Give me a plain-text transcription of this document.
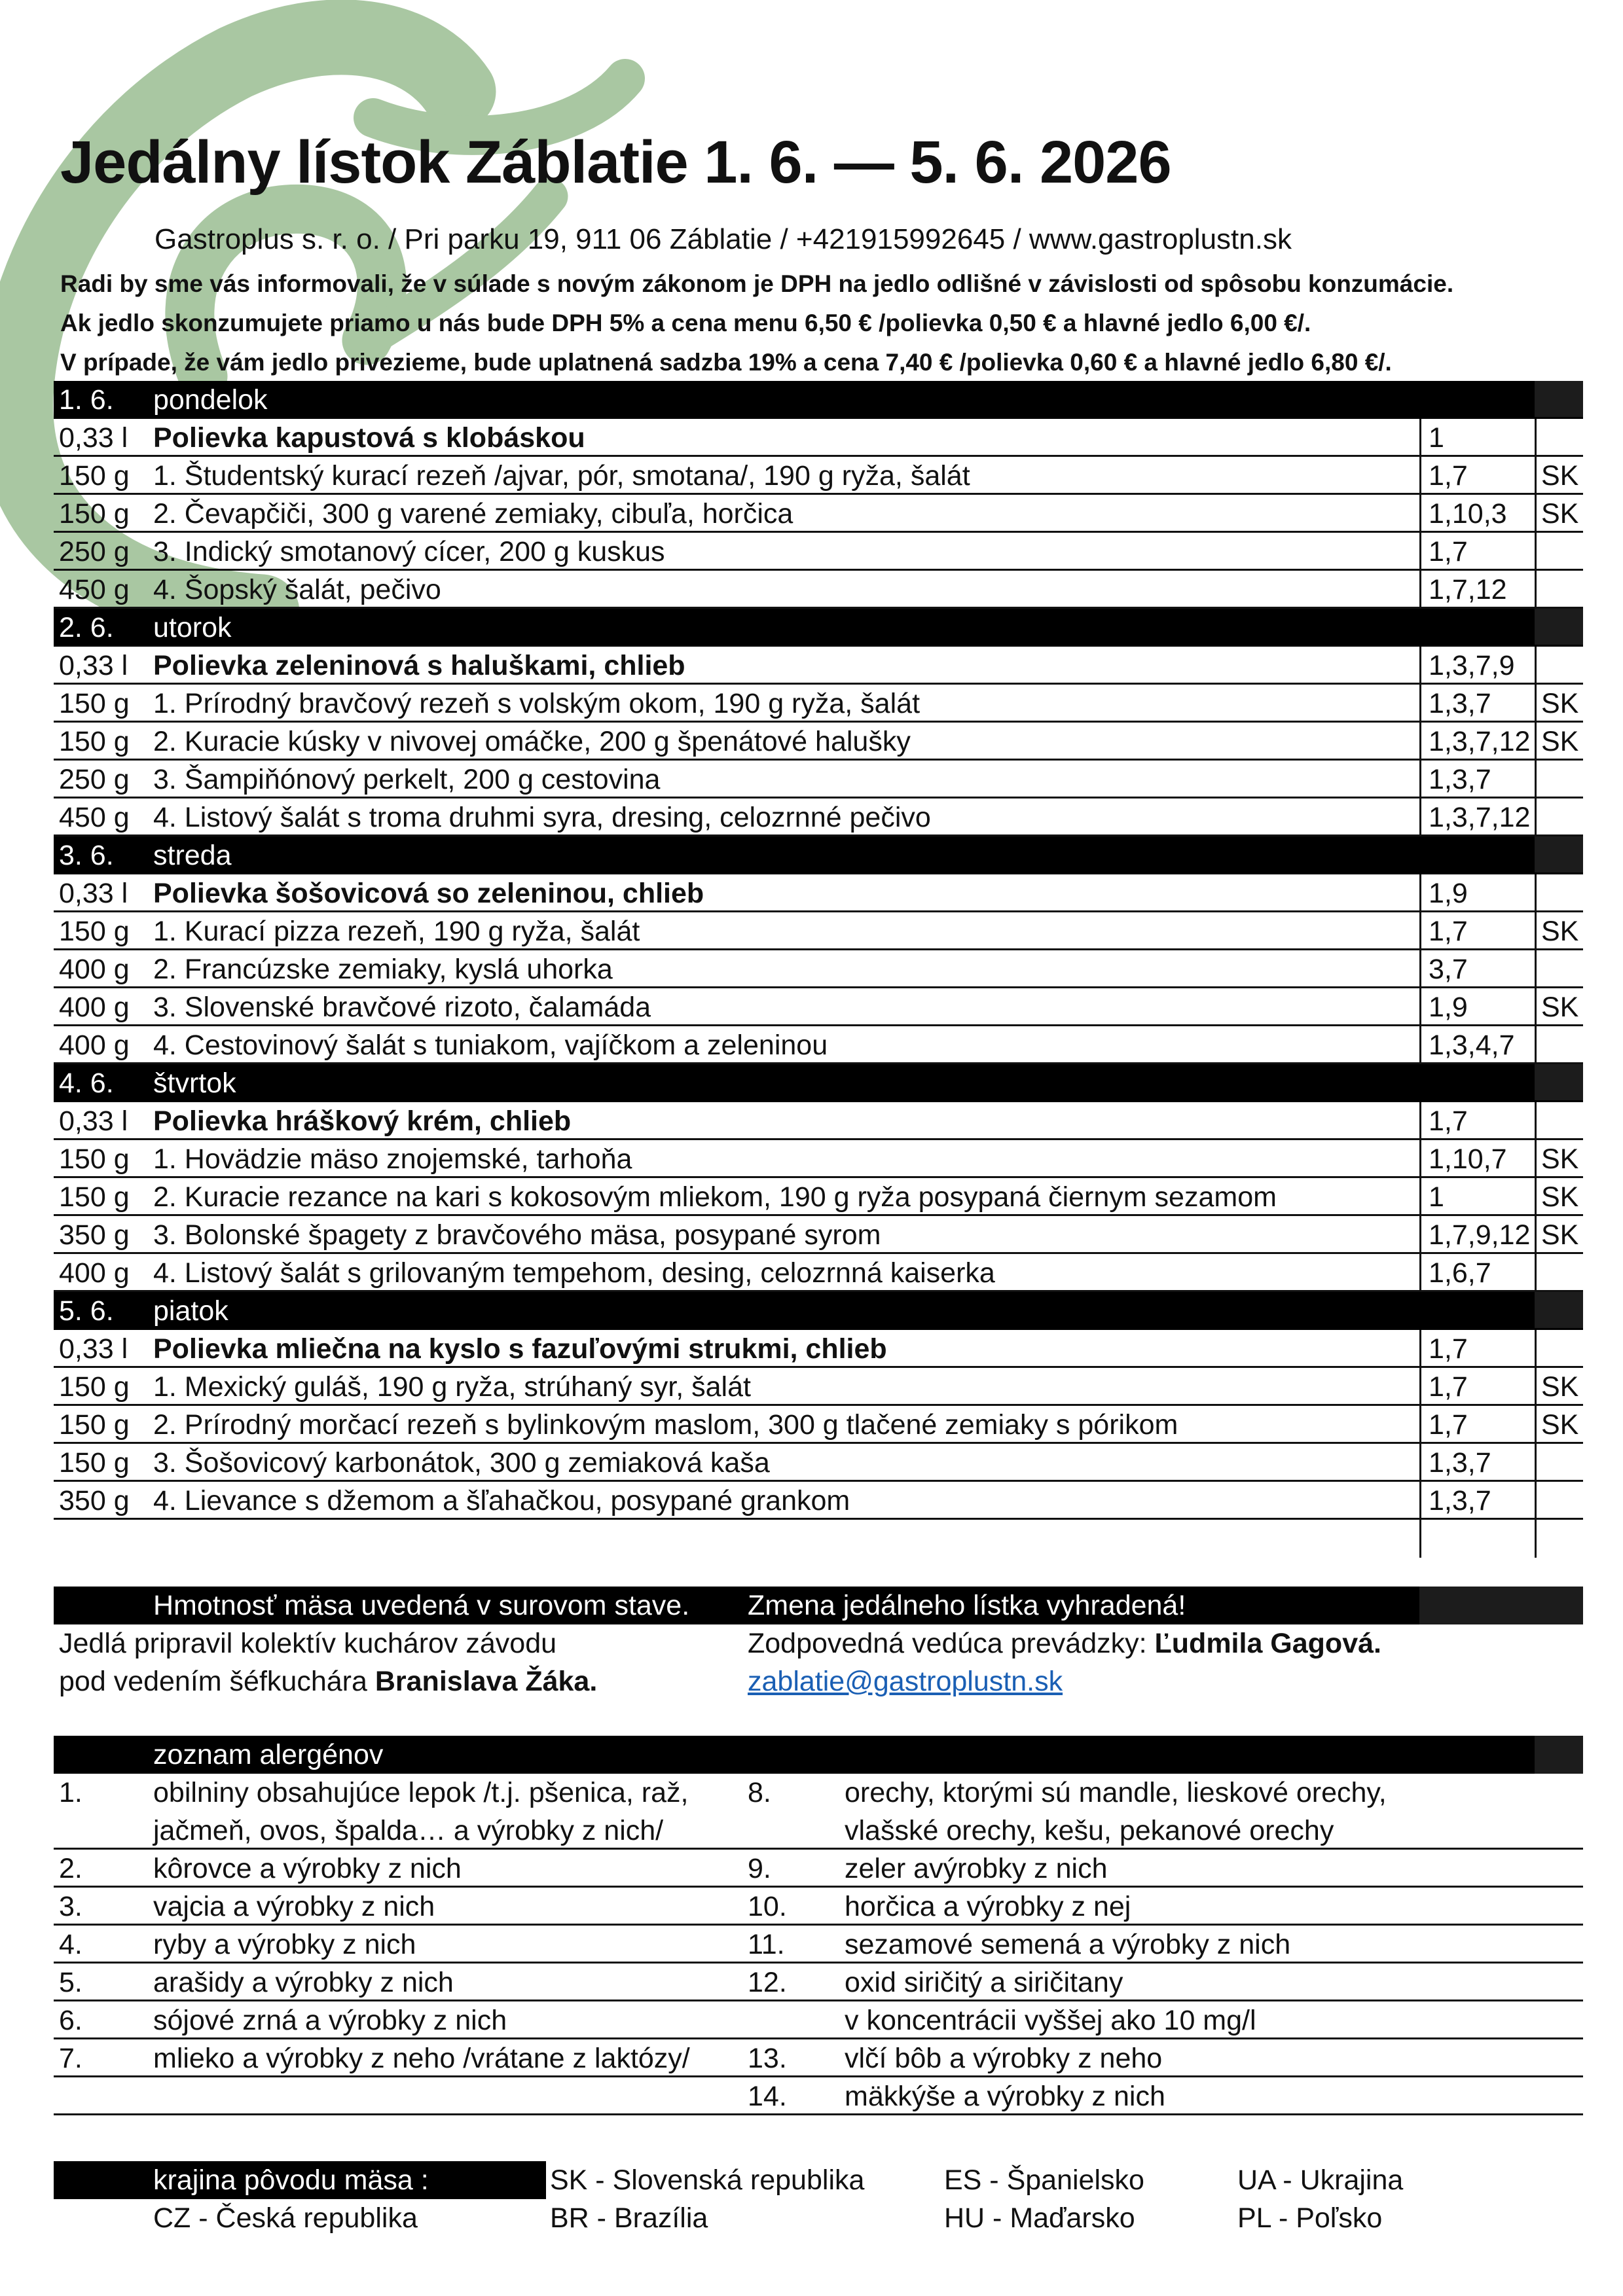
Jedálny lístok Záblatie 1. 6. — 5. 6. 2026
Gastroplus s. r. o. / Pri parku 19, 911 06 Záblatie / +421915992645 / www.gastroplustn.sk
Radi by sme vás informovali, že v súlade s novým zákonom je DPH na jedlo odlišné v závislosti od spôsobu konzumácie.
Ak jedlo skonzumujete priamo u nás bude DPH 5% a cena menu 6,50 € /polievka 0,50 € a hlavné jedlo 6,00 €/.
V prípade, že vám jedlo privezieme, bude uplatnená sadzba 19% a cena 7,40 € /polievka 0,60 € a hlavné jedlo 6,80 €/.
1. 6. pondelok
0,33 l Polievka kapustová s klobáskou	1
150 g 1. Študentský kurací rezeň /ajvar, pór, smotana/, 190 g ryža, šalát	1,7	SK
150 g 2. Čevapčiči, 300 g varené zemiaky, cibuľa, horčica	1,10,3 SK
250 g 3. Indický smotanový cícer, 200 g kuskus	1,7
450 g 4. Šopský šalát, pečivo	1,7,12
2. 6. utorok
0,33 l Polievka zeleninová s haluškami, chlieb	1,3,7,9
150 g 1. Prírodný bravčový rezeň s volským okom, 190 g ryža, šalát	1,3,7 SK
150 g 2. Kuracie kúsky v nivovej omáčke, 200 g špenátové halušky	1,3,7,12 SK
250 g 3. Šampiňónový perkelt, 200 g cestovina	1,3,7
450 g 4. Listový šalát s troma druhmi syra, dresing, celozrnné pečivo	1,3,7,12
3. 6. streda
0,33 l Polievka šošovicová so zeleninou, chlieb	1,9
150 g 1. Kurací pizza rezeň, 190 g ryža, šalát	1,7	SK
400 g 2. Francúzske zemiaky, kyslá uhorka	3,7
400 g 3. Slovenské bravčové rizoto, čalamáda	1,9	SK
400 g 4. Cestovinový šalát s tuniakom, vajíčkom a zeleninou	1,3,4,7
4. 6. štvrtok
0,33 l Polievka hráškový krém, chlieb	1,7
150 g 1. Hovädzie mäso znojemské, tarhoňa	1,10,7 SK
150 g 2. Kuracie rezance na kari s kokosovým mliekom, 190 g ryža posypaná čiernym sezamom	1	SK
350 g 3. Bolonské špagety z bravčového mäsa, posypané syrom	1,7,9,12 SK
400 g 4. Listový šalát s grilovaným tempehom, desing, celozrnná kaiserka	1,6,7
5. 6. piatok
0,33 l Polievka mliečna na kyslo s fazuľovými strukmi, chlieb	1,7
150 g 1. Mexický guláš, 190 g ryža, strúhaný syr, šalát	1,7	SK
150 g 2. Prírodný morčací rezeň s bylinkovým maslom, 300 g tlačené zemiaky s pórikom	1,7	SK
150 g 3. Šošovicový karbonátok, 300 g zemiaková kaša	1,3,7
350 g 4. Lievance s džemom a šľahačkou, posypané grankom	1,3,7
Hmotnosť mäsa uvedená v surovom stave. Zmena jedálneho lístka vyhradená!
Jedlá pripravil kolektív kuchárov závodu	Zodpovedná vedúca prevádzky: Ľudmila Gagová.
pod vedením šéfkuchára Branislava Žáka.	zablatie@gastroplustn.sk
zoznam alergénov
1.	obilniny obsahujúce lepok /t.j. pšenica, raž, 8.	orechy, ktorými sú mandle, lieskové orechy,
jačmeň, ovos, špalda… a výrobky z nich/	vlašské orechy, kešu, pekanové orechy
2.	kôrovce a výrobky z nich	9.	zeler avýrobky z nich
3.	vajcia a výrobky z nich	10. horčica a výrobky z nej
4.	ryby a výrobky z nich	11. sezamové semená a výrobky z nich
5.	arašidy a výrobky z nich	12. oxid siričitý a siričitany
6.	sójové zrná a výrobky z nich	v koncentrácii vyššej ako 10 mg/l
7.	mlieko a výrobky z neho /vrátane z laktózy/ 13. vlčí bôb a výrobky z neho
14. mäkkýše a výrobky z nich
krajina pôvodu mäsa :	SK - Slovenská republika	ES - Španielsko	UA - Ukrajina
CZ - Česká republika	BR - Brazília	HU - Maďarsko	PL - Poľsko
